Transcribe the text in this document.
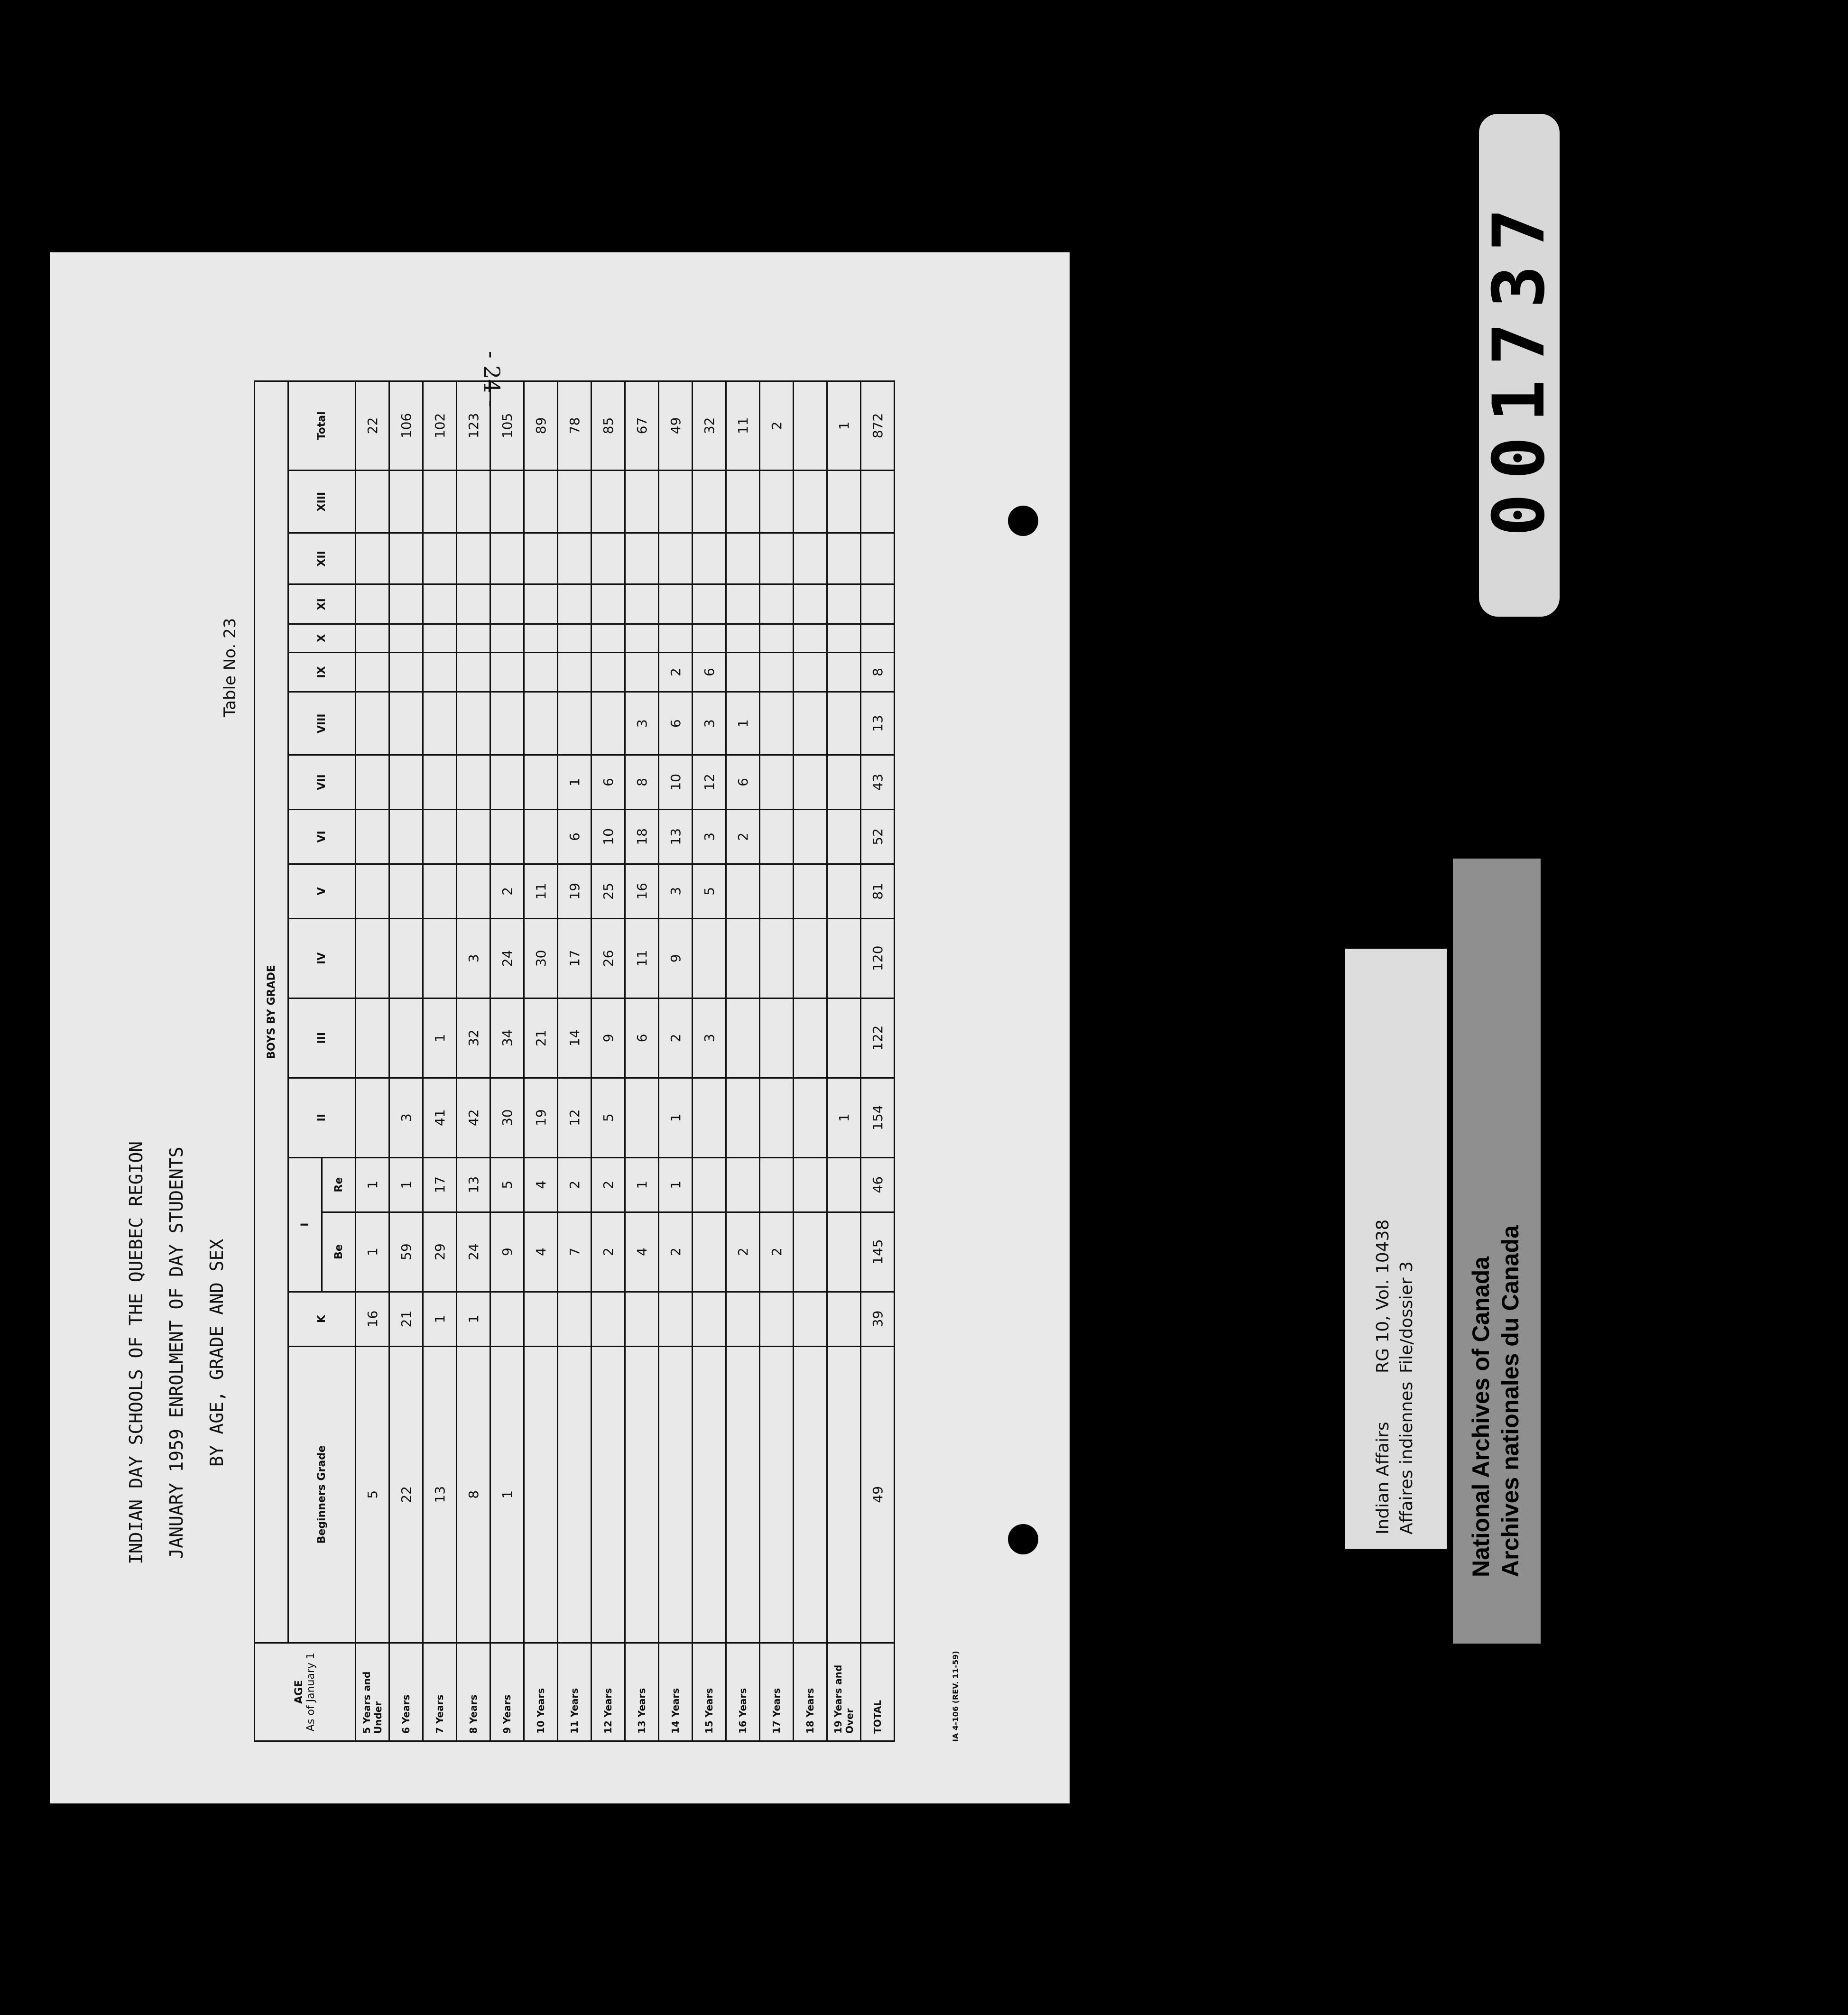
- 24 -
INDIAN DAY SCHOOLS OF THE QUEBEC REGION JANUARY 1959 ENROLMENT OF DAY STUDENTS BY AGE, GRADE AND SEX
Table No. 23
AGE As of January 1	BOYS BY GRADE																
	Beginners Grade	K	I		II	III	IV	V	VI	VII	VIII	IX	X	XI	XII	XIII	Total
			Be	Re													
5 Years and Under	5	16	1	1													22
6 Years	22	21	59	1	3												106
7 Years	13	1	29	17	41	1											102
8 Years	8	1	24	13	42	32	3										123
9 Years	1		9	5	30	34	24	2									105
10 Years			4	4	19	21	30	11									89
11 Years			7	2	12	14	17	19	6	1							78
12 Years			2	2	5	9	26	25	10	6							85
13 Years			4	1		6	11	16	18	8	3						67
14 Years			2	1	1	2	9	3	13	10	6	2					49
15 Years						3		5	3	12	3	6					32
16 Years			2						2	6	1						11
17 Years			2														2
18 Years																	
19 Years and Over					1												1
TOTAL	49	39	145	46	154	122	120	81	52	43	13	8					872
IA 4-106 (REV. 11-59)
Indian Affairs Affaires indiennes
RG 10, Vol. 10438 File/dossier 3 National Archives of Canada Archives nationales du Canada
001737
